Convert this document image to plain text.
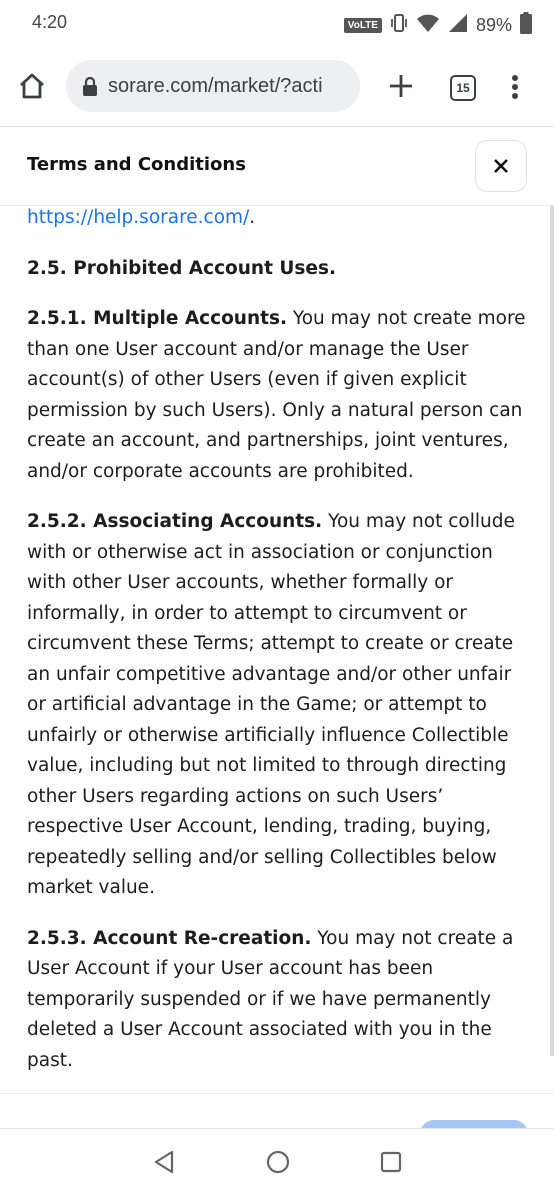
4:20	VoLTE	89%
sorare.com/market/?acti	15
Terms and Conditions

https://help.sorare.com/.

2.5. Prohibited Account Uses.

2.5.1. Multiple Accounts. You may not create more than one User account and/or manage the User account(s) of other Users (even if given explicit permission by such Users). Only a natural person can create an account, and partnerships, joint ventures, and/or corporate accounts are prohibited.

2.5.2. Associating Accounts. You may not collude with or otherwise act in association or conjunction with other User accounts, whether formally or informally, in order to attempt to circumvent or circumvent these Terms; attempt to create or create an unfair competitive advantage and/or other unfair or artificial advantage in the Game; or attempt to unfairly or otherwise artificially influence Collectible value, including but not limited to through directing other Users regarding actions on such Users’ respective User Account, lending, trading, buying, repeatedly selling and/or selling Collectibles below market value.

2.5.3. Account Re-creation. You may not create a User Account if your User account has been temporarily suspended or if we have permanently deleted a User Account associated with you in the past.
